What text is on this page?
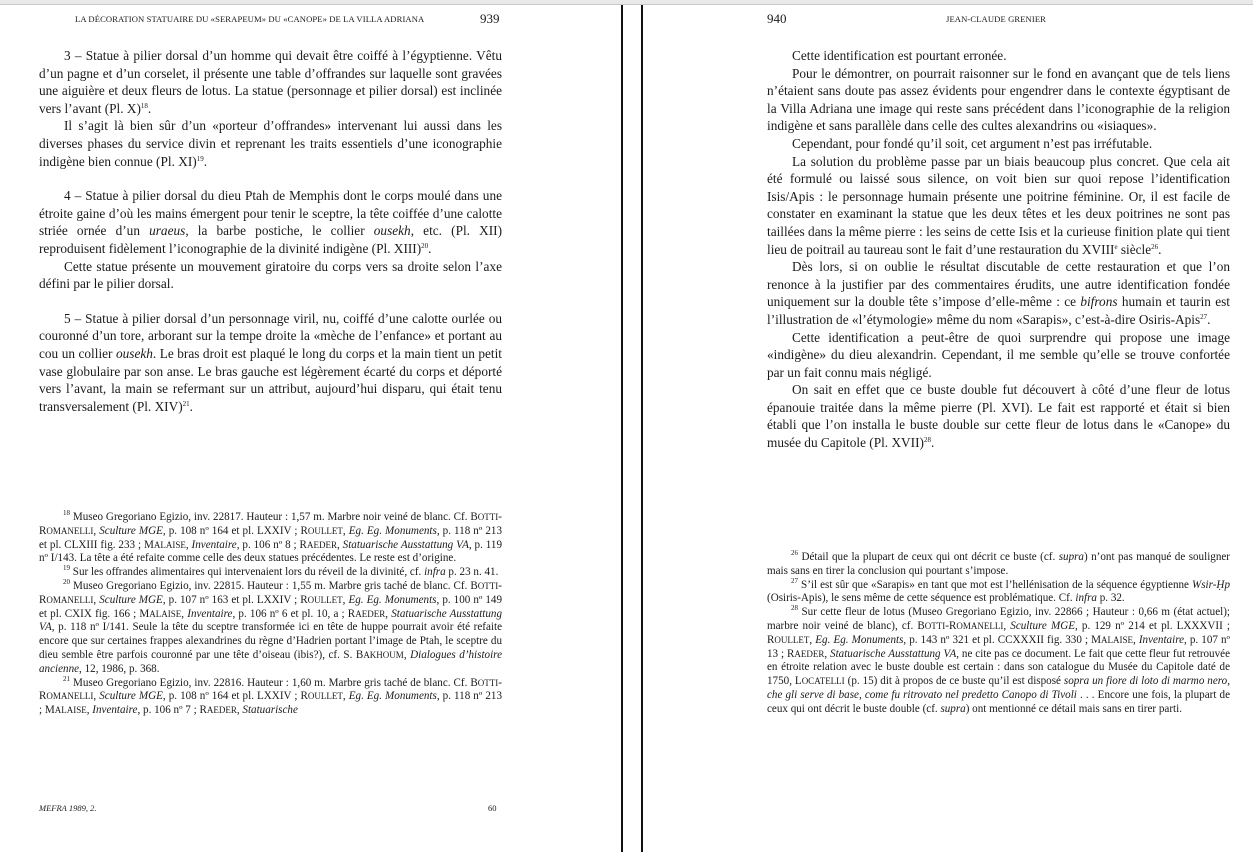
LA DÉCORATION STATUAIRE DU «SERAPEUM» DU «CANOPE» DE LA VILLA ADRIANA	939

3 – Statue à pilier dorsal d’un homme qui devait être coiffé à l’égyptienne. Vêtu d’un pagne et d’un corselet, il présente une table d’offrandes sur laquelle sont gravées une aiguière et deux fleurs de lotus. La statue (personnage et pilier dorsal) est inclinée vers l’avant (Pl. X)$^{18}$.

Il s’agit là bien sûr d’un «porteur d’offrandes» intervenant lui aussi dans les diverses phases du service divin et reprenant les traits essentiels d’une iconographie indigène bien connue (Pl. XI)$^{19}$.

4 – Statue à pilier dorsal du dieu Ptah de Memphis dont le corps moulé dans une étroite gaine d’où les mains émergent pour tenir le sceptre, la tête coiffée d’une calotte striée ornée d’un uraeus, la barbe postiche, le collier ousekh, etc. (Pl. XII) reproduisent fidèlement l’iconographie de la divinité indigène (Pl. XIII)$^{20}$.

Cette statue présente un mouvement giratoire du corps vers sa droite selon l’axe défini par le pilier dorsal.

5 – Statue à pilier dorsal d’un personnage viril, nu, coiffé d’une calotte ourlée ou couronné d’un tore, arborant sur la tempe droite la «mèche de l’enfance» et portant au cou un collier ousekh. Le bras droit est plaqué le long du corps et la main tient un petit vase globulaire par son anse. Le bras gauche est légèrement écarté du corps et déporté vers l’avant, la main se refermant sur un attribut, aujourd’hui disparu, qui était tenu transversalement (Pl. XIV)$^{21}$.

$^{18}$ Museo Gregoriano Egizio, inv. 22817. Hauteur : 1,57 m. Marbre noir veiné de blanc. Cf. BOTTI-ROMANELLI, Sculture MGE, p. 108 nº 164 et pl. LXXIV ; ROULLET, Eg. Eg. Monuments, p. 118 nº 213 et pl. CLXIII fig. 233 ; MALAISE, Inventaire, p. 106 nº 8 ; RAEDER, Statuarische Ausstattung VA, p. 119 nº I/143. La tête a été refaite comme celle des deux statues précédentes. Le reste est d’origine.

$^{19}$ Sur les offrandes alimentaires qui intervenaient lors du réveil de la divinité, cf. infra p. 23 n. 41.

$^{20}$ Museo Gregoriano Egizio, inv. 22815. Hauteur : 1,55 m. Marbre gris taché de blanc. Cf. BOTTI-ROMANELLI, Sculture MGE, p. 107 nº 163 et pl. LXXIV ; ROULLET, Eg. Eg. Monuments, p. 100 nº 149 et pl. CXIX fig. 166 ; MALAISE, Inventaire, p. 106 nº 6 et pl. 10, a ; RAEDER, Statuarische Ausstattung VA, p. 118 nº I/141. Seule la tête du sceptre transformée ici en tête de huppe pourrait avoir été refaite encore que sur certaines frappes alexandrines du règne d’Hadrien portant l’image de Ptah, le sceptre du dieu semble être parfois couronné par une tête d’oiseau (ibis?), cf. S. BAKHOUM, Dialogues d’histoire ancienne, 12, 1986, p. 368.

$^{21}$ Museo Gregoriano Egizio, inv. 22816. Hauteur : 1,60 m. Marbre gris taché de blanc. Cf. BOTTI-ROMANELLI, Sculture MGE, p. 108 nº 164 et pl. LXXIV ; ROULLET, Eg. Eg. Monuments, p. 118 nº 213 ; MALAISE, Inventaire, p. 106 nº 7 ; RAEDER, Statuarische

MEFRA 1989, 2.	60
940	JEAN-CLAUDE GRENIER

Cette identification est pourtant erronée.

Pour le démontrer, on pourrait raisonner sur le fond en avançant que de tels liens n’étaient sans doute pas assez évidents pour engendrer dans le contexte égyptisant de la Villa Adriana une image qui reste sans précédent dans l’iconographie de la religion indigène et sans parallèle dans celle des cultes alexandrins ou «isiaques».

Cependant, pour fondé qu’il soit, cet argument n’est pas irréfutable.

La solution du problème passe par un biais beaucoup plus concret. Que cela ait été formulé ou laissé sous silence, on voit bien sur quoi repose l’identification Isis/Apis : le personnage humain présente une poitrine féminine. Or, il est facile de constater en examinant la statue que les deux têtes et les deux poitrines ne sont pas taillées dans la même pierre : les seins de cette Isis et la curieuse finition plate qui tient lieu de poitrail au taureau sont le fait d’une restauration du XVIIIe siècle$^{26}$.

Dès lors, si on oublie le résultat discutable de cette restauration et que l’on renonce à la justifier par des commentaires érudits, une autre identification fondée uniquement sur la double tête s’impose d’elle-même : ce bifrons humain et taurin est l’illustration de «l’étymologie» même du nom «Sarapis», c’est-à-dire Osiris-Apis$^{27}$.

Cette identification a peut-être de quoi surprendre qui propose une image «indigène» du dieu alexandrin. Cependant, il me semble qu’elle se trouve confortée par un fait connu mais négligé.

On sait en effet que ce buste double fut découvert à côté d’une fleur de lotus épanouie traitée dans la même pierre (Pl. XVI). Le fait est rapporté et était si bien établi que l’on installa le buste double sur cette fleur de lotus dans le «Canope» du musée du Capitole (Pl. XVII)$^{28}$.

$^{26}$ Détail que la plupart de ceux qui ont décrit ce buste (cf. supra) n’ont pas manqué de souligner mais sans en tirer la conclusion qui pourtant s’impose.

$^{27}$ S’il est sûr que «Sarapis» en tant que mot est l’hellénisation de la séquence égyptienne Wsir-Ḥp (Osiris-Apis), le sens même de cette séquence est problématique. Cf. infra p. 32.

$^{28}$ Sur cette fleur de lotus (Museo Gregoriano Egizio, inv. 22866 ; Hauteur : 0,66 m (état actuel); marbre noir veiné de blanc), cf. BOTTI-ROMANELLI, Sculture MGE, p. 129 nº 214 et pl. LXXXVII ; ROULLET, Eg. Eg. Monuments, p. 143 nº 321 et pl. CCXXXII fig. 330 ; MALAISE, Inventaire, p. 107 nº 13 ; RAEDER, Statuarische Ausstattung VA, ne cite pas ce document. Le fait que cette fleur fut retrouvée en étroite relation avec le buste double est certain : dans son catalogue du Musée du Capitole daté de 1750, LOCATELLI (p. 15) dit à propos de ce buste qu’il est disposé sopra un fiore di loto di marmo nero, che gli serve di base, come fu ritrovato nel predetto Canopo di Tivoli . . . Encore une fois, la plupart de ceux qui ont décrit le buste double (cf. supra) ont mentionné ce détail mais sans en tirer parti.
